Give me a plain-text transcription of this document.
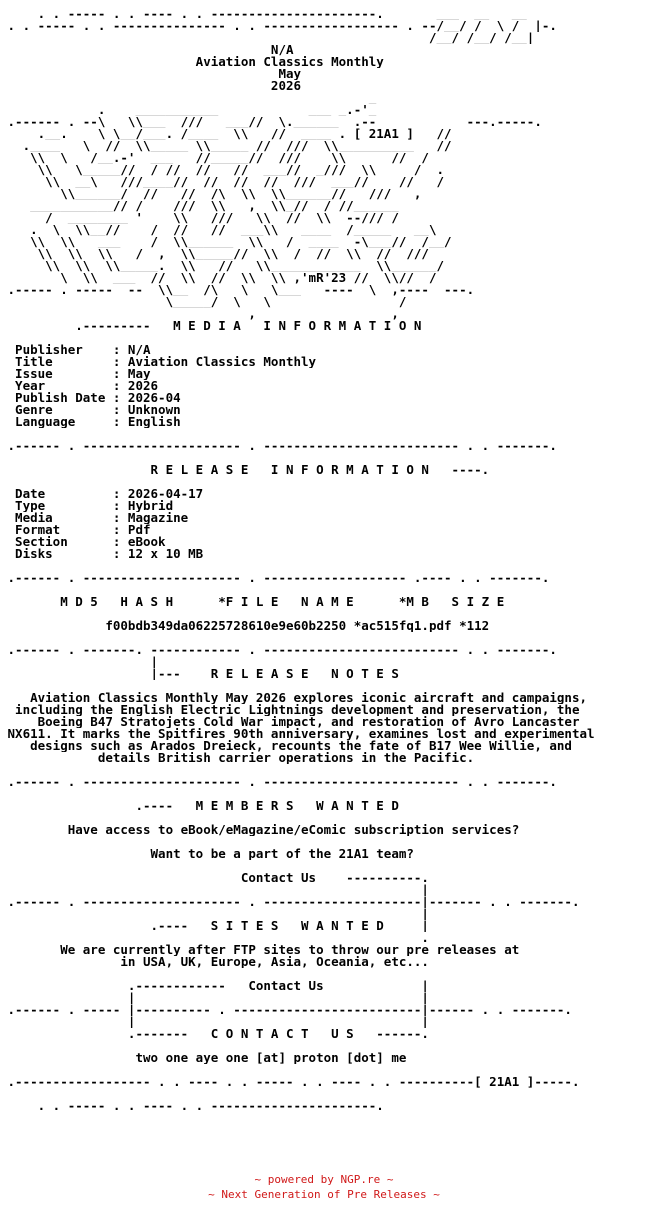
. . ----- . . ---- . . ----------------------.       ___  __   __
. . ----- . . --------------- . . ------------------ . --/__/ /  \ /  |-.
/__/ /__/ /__|
N/A
Aviation Classics Monthly
May
2026
_
.    ___________            ___ _.-'_
.------ . --\   \\___  ///   ___//  \.______  .--            ---.-----.
.__.    \ \__/___. /____  \\   //  ____ . [ 21A1 ]   //
.____   \  //  \\_____ \\_____ //  ///  \\__________   //
\\  \   /__.-'  ___   //_____//  ///    \\      //  /
\\   \_____//  / //  //   //  ___//  _///  \\     /  .
\\  __\   ///____//  //  //  //  ///  ___//    //   /
\\______/  //   //  /\  \\  \\______//   ///   ,
___________// /    ///  \\   ,  \\_//  / //______
/  ________ '    \\   ///   \\  //  \\  --/// /
.  \  \\__//    /  //   //  ___\\   ____  /_____   __\
\\  \\   ___    /  \\______  \\   /  ____  -\___//  /__/
\\  \\  \\   /  ,  \\_____//  \\  /  //  \\  //  ///
\\  \\  \\_____.  \\   //   \\____________  \\______/
\  \\  ___  //  \\  //  \\  \\ ,'mR'23 //  \\//  /
.----- . -----  --  \\__  /\   \   \___   ----  \  ,----  ---.
\_____/  \   \                 /
,                  ,
.---------   M E D I A   I N F O R M A T I O N
Publisher    : N/A
Title        : Aviation Classics Monthly
Issue        : May
Year         : 2026
Publish Date : 2026-04
Genre        : Unknown
Language     : English
.------ . --------------------- . -------------------------- . . -------.
R E L E A S E   I N F O R M A T I O N   ----.
Date         : 2026-04-17
Type         : Hybrid
Media        : Magazine
Format       : Pdf
Section      : eBook
Disks        : 12 x 10 MB
.------ . --------------------- . ------------------- .---- . . -------.
M D 5   H A S H      *F I L E   N A M E      *M B   S I Z E
f00bdb349da06225728610e9e60b2250 *ac515fq1.pdf *112
.------ . -------. ------------ . -------------------------- . . -------.
|
|---    R E L E A S E   N O T E S
Aviation Classics Monthly May 2026 explores iconic aircraft and campaigns,
including the English Electric Lightnings development and preservation, the
Boeing B47 Stratojets Cold War impact, and restoration of Avro Lancaster
NX611. It marks the Spitfires 90th anniversary, examines lost and experimental
designs such as Arados Dreieck, recounts the fate of B17 Wee Willie, and
details British carrier operations in the Pacific.
.------ . --------------------- . -------------------------- . . -------.
.----   M E M B E R S   W A N T E D
Have access to eBook/eMagazine/eComic subscription services?
Want to be a part of the 21A1 team?
Contact Us    ----------.
|
.------ . --------------------- . ---------------------|------- . . -------.
|
.----   S I T E S   W A N T E D     |
.
We are currently after FTP sites to throw our pre releases at
in USA, UK, Europe, Asia, Oceania, etc...
.------------   Contact Us             |
|                                      |
.------ . ----- |---------- . -------------------------|------ . . -------.
|                                      |
.-------   C O N T A C T   U S   ------.
two one aye one [at] proton [dot] me
.------------------ . . ---- . . ----- . . ---- . . ----------[ 21A1 ]-----.
. . ----- . . ---- . . ----------------------.
~ powered by NGP.re ~
~ Next Generation of Pre Releases ~
